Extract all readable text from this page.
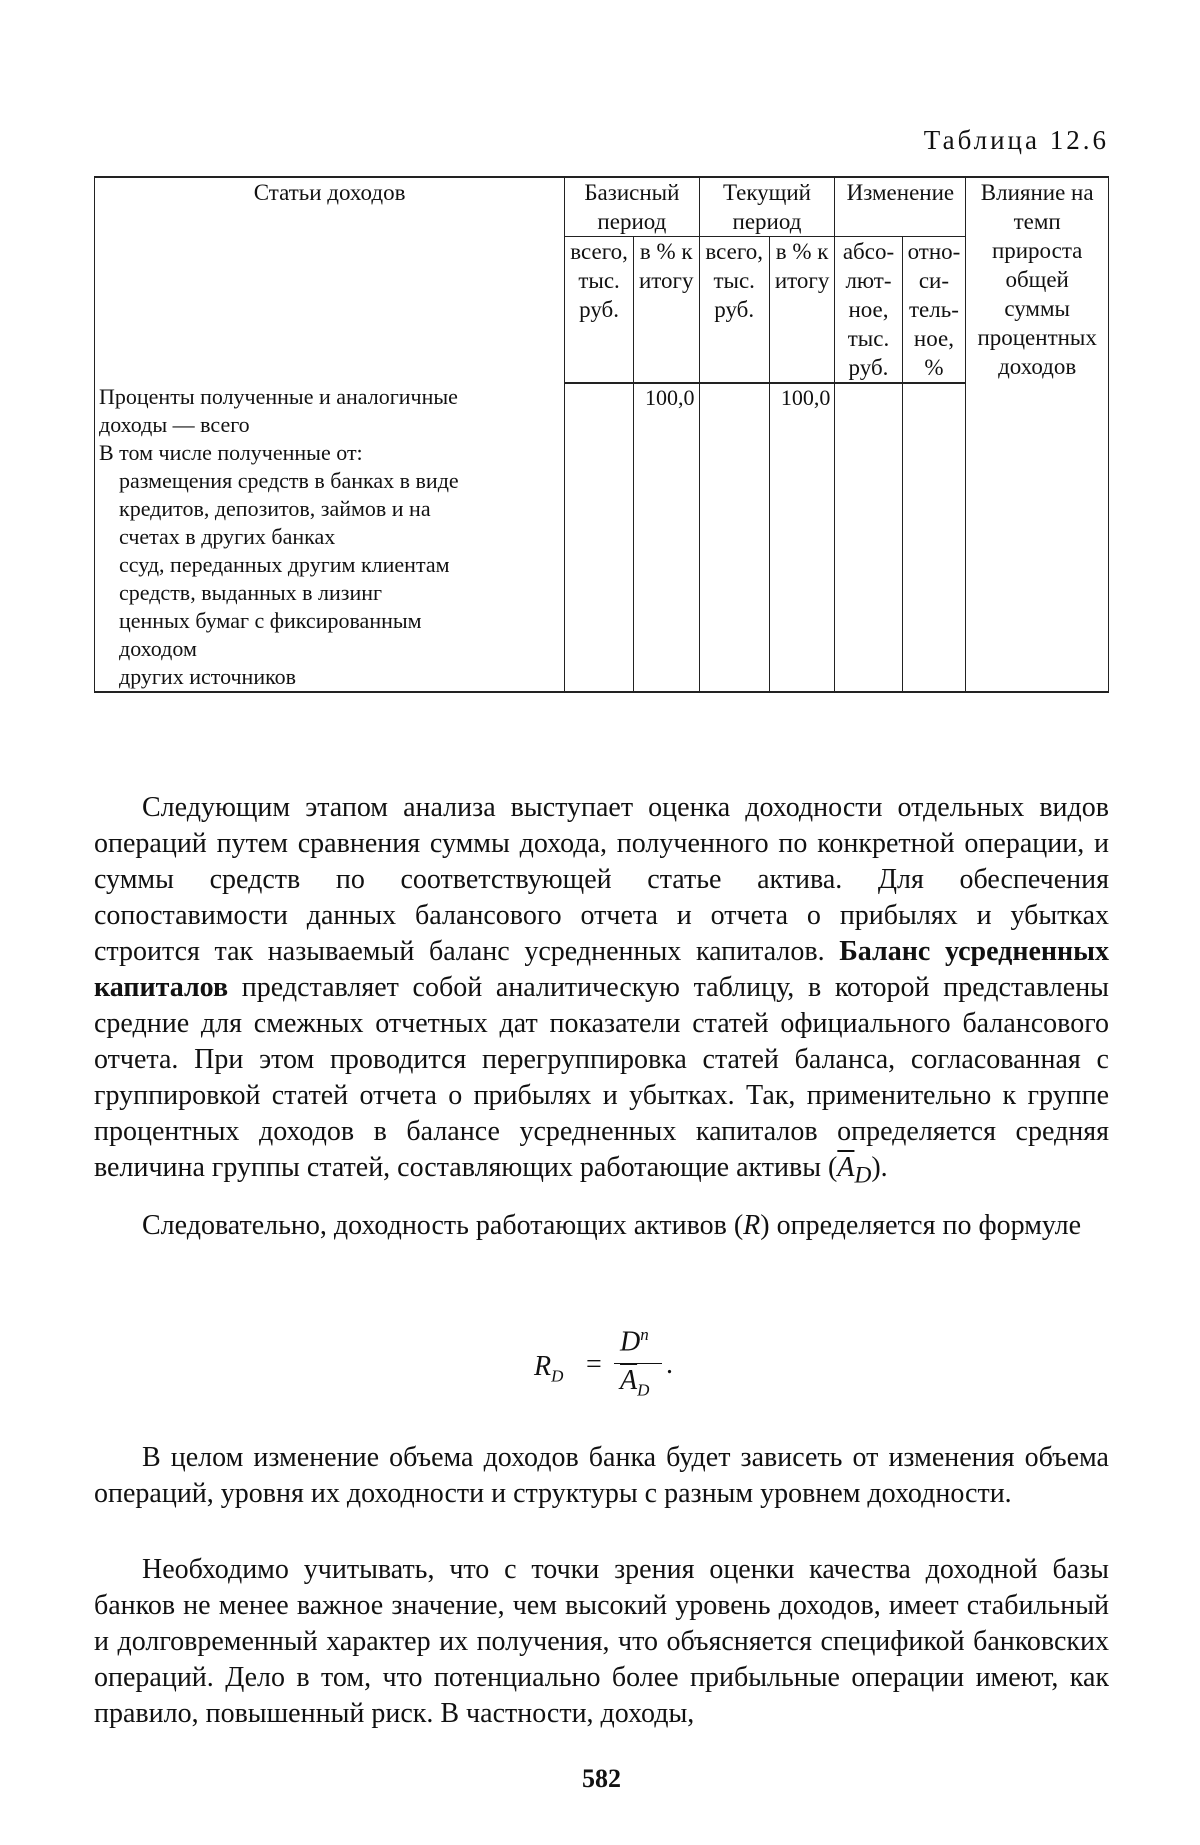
Таблица 12.6
Статьи доходов	Базисный период		Текущий период		Изменение		Влияние на темп прироста общей суммы процентных доходов
	всего, тыс. руб.	в % к итогу	всего, тыс. руб.	в % к итогу	абсо-лют-ное, тыс. руб.	отно-си-тель-ное, %	

Проценты полученные и аналогичные
доходы — всего		100,0		100,0			

В том числе полученные от:							

размещения средств в банках в виде
кредитов, депозитов, займов и на
счетах в других банках							

ссуд, переданных другим клиентам							

средств, выданных в лизинг							

ценных бумаг с фиксированным
доходом							

других источников							

Следующим этапом анализа выступает оценка доходности отдельных видов операций путем сравнения суммы дохода, полученного по конкретной операции, и суммы средств по соответствующей статье актива. Для обеспечения сопоставимости данных балансового отчета и отчета о прибылях и убытках строится так называемый баланс усредненных капиталов. Баланс усредненных капиталов представляет собой аналитическую таблицу, в которой представлены средние для смежных отчетных дат показатели статей официального балансового отчета. При этом проводится перегруппировка статей баланса, согласованная с группировкой статей отчета о прибылях и убытках. Так, применительно к группе процентных доходов в балансе усредненных капиталов определяется средняя величина группы статей, составляющих работающие активы $(\overline{A}_D)$.

Следовательно, доходность работающих активов (R) определяется по формуле

$R_D$ =
$D^п$
$\overline{A}_D$
.

В целом изменение объема доходов банка будет зависеть от изменения объема операций, уровня их доходности и структуры с разным уровнем доходности.

Необходимо учитывать, что с точки зрения оценки качества доходной базы банков не менее важное значение, чем высокий уровень доходов, имеет стабильный и долговременный характер их получения, что объясняется спецификой банковских операций. Дело в том, что потенциально более прибыльные операции имеют, как правило, повышенный риск. В частности, доходы,

582
